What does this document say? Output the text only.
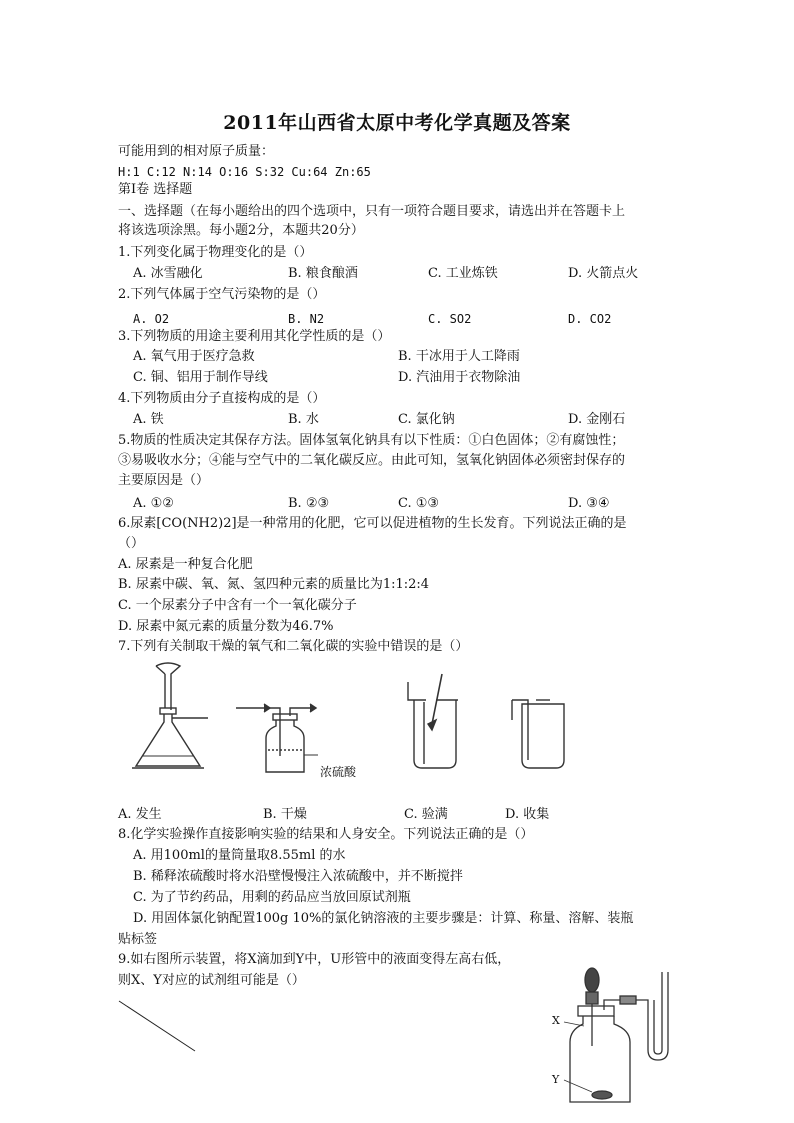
2011年山西省太原中考化学真题及答案
可能用到的相对原子质量：
H:1 C:12 N:14 O:16 S:32 Cu:64 Zn:65
第Ⅰ卷 选择题
一、选择题（在每小题给出的四个选项中，只有一项符合题目要求，请选出并在答题卡上
将该选项涂黑。每小题2分，本题共20分）
1.下列变化属于物理变化的是（）
A. 冰雪融化	B. 粮食酿酒	C. 工业炼铁	D. 火箭点火
2.下列气体属于空气污染物的是（）
A. O2	B. N2	C. SO2	D. CO2
3.下列物质的用途主要利用其化学性质的是（）
A. 氧气用于医疗急救	B. 干冰用于人工降雨
C. 铜、铝用于制作导线	D. 汽油用于衣物除油
4.下列物质由分子直接构成的是（）
A. 铁	B. 水	C. 氯化钠	D. 金刚石
5.物质的性质决定其保存方法。固体氢氧化钠具有以下性质：①白色固体；②有腐蚀性；
③易吸收水分；④能与空气中的二氧化碳反应。由此可知，氢氧化钠固体必须密封保存的
主要原因是（）
A. ①②	B. ②③	C. ①③	D. ③④
6.尿素[CO(NH2)2]是一种常用的化肥，它可以促进植物的生长发育。下列说法正确的是
（）
A. 尿素是一种复合化肥
B. 尿素中碳、氧、氮、氢四种元素的质量比为1:1:2:4
C. 一个尿素分子中含有一个一氧化碳分子
D. 尿素中氮元素的质量分数为46.7%
7.下列有关制取干燥的氧气和二氧化碳的实验中错误的是（）
浓硫酸
A. 发生	B. 干燥	C. 验满	D. 收集
8.化学实验操作直接影响实验的结果和人身安全。下列说法正确的是（）
A. 用100ml的量筒量取8.55ml 的水
B. 稀释浓硫酸时将水沿壁慢慢注入浓硫酸中，并不断搅拌
C. 为了节约药品，用剩的药品应当放回原试剂瓶
D. 用固体氯化钠配置100g 10%的氯化钠溶液的主要步骤是：计算、称量、溶解、装瓶
贴标签
9.如右图所示装置，将X滴加到Y中，U形管中的液面变得左高右低，
则X、Y对应的试剂组可能是（）
X
Y
